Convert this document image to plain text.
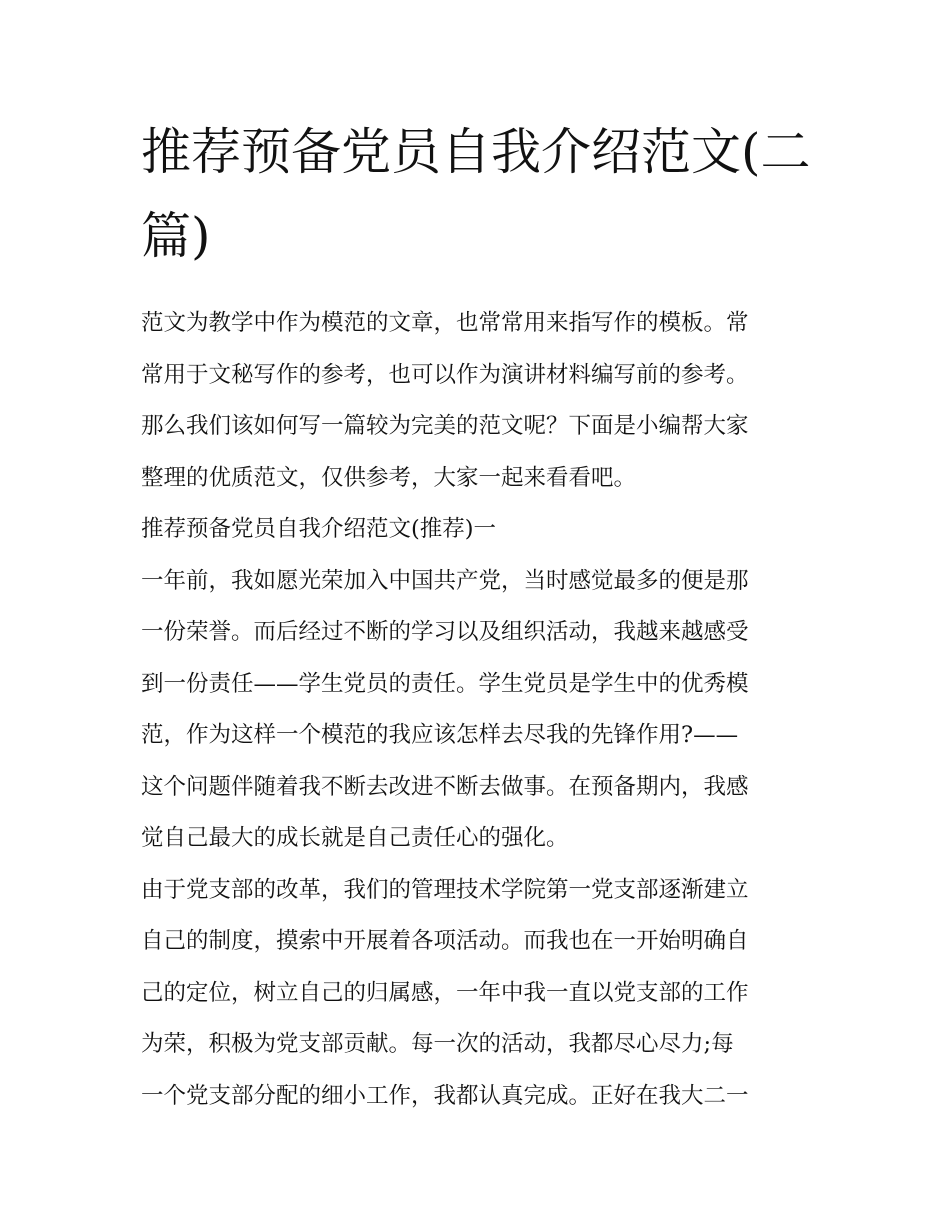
推荐预备党员自我介绍范文(二
篇)
范文为教学中作为模范的文章，也常常用来指写作的模板。常
常用于文秘写作的参考，也可以作为演讲材料编写前的参考。
那么我们该如何写一篇较为完美的范文呢？下面是小编帮大家
整理的优质范文，仅供参考，大家一起来看看吧。
推荐预备党员自我介绍范文(推荐)一
一年前，我如愿光荣加入中国共产党，当时感觉最多的便是那
一份荣誉。而后经过不断的学习以及组织活动，我越来越感受
到一份责任——学生党员的责任。学生党员是学生中的优秀模
范，作为这样一个模范的我应该怎样去尽我的先锋作用?——
这个问题伴随着我不断去改进不断去做事。在预备期内，我感
觉自己最大的成长就是自己责任心的强化。
由于党支部的改革，我们的管理技术学院第一党支部逐渐建立
自己的制度，摸索中开展着各项活动。而我也在一开始明确自
己的定位，树立自己的归属感，一年中我一直以党支部的工作
为荣，积极为党支部贡献。每一次的活动，我都尽心尽力;每
一个党支部分配的细小工作，我都认真完成。正好在我大二一
